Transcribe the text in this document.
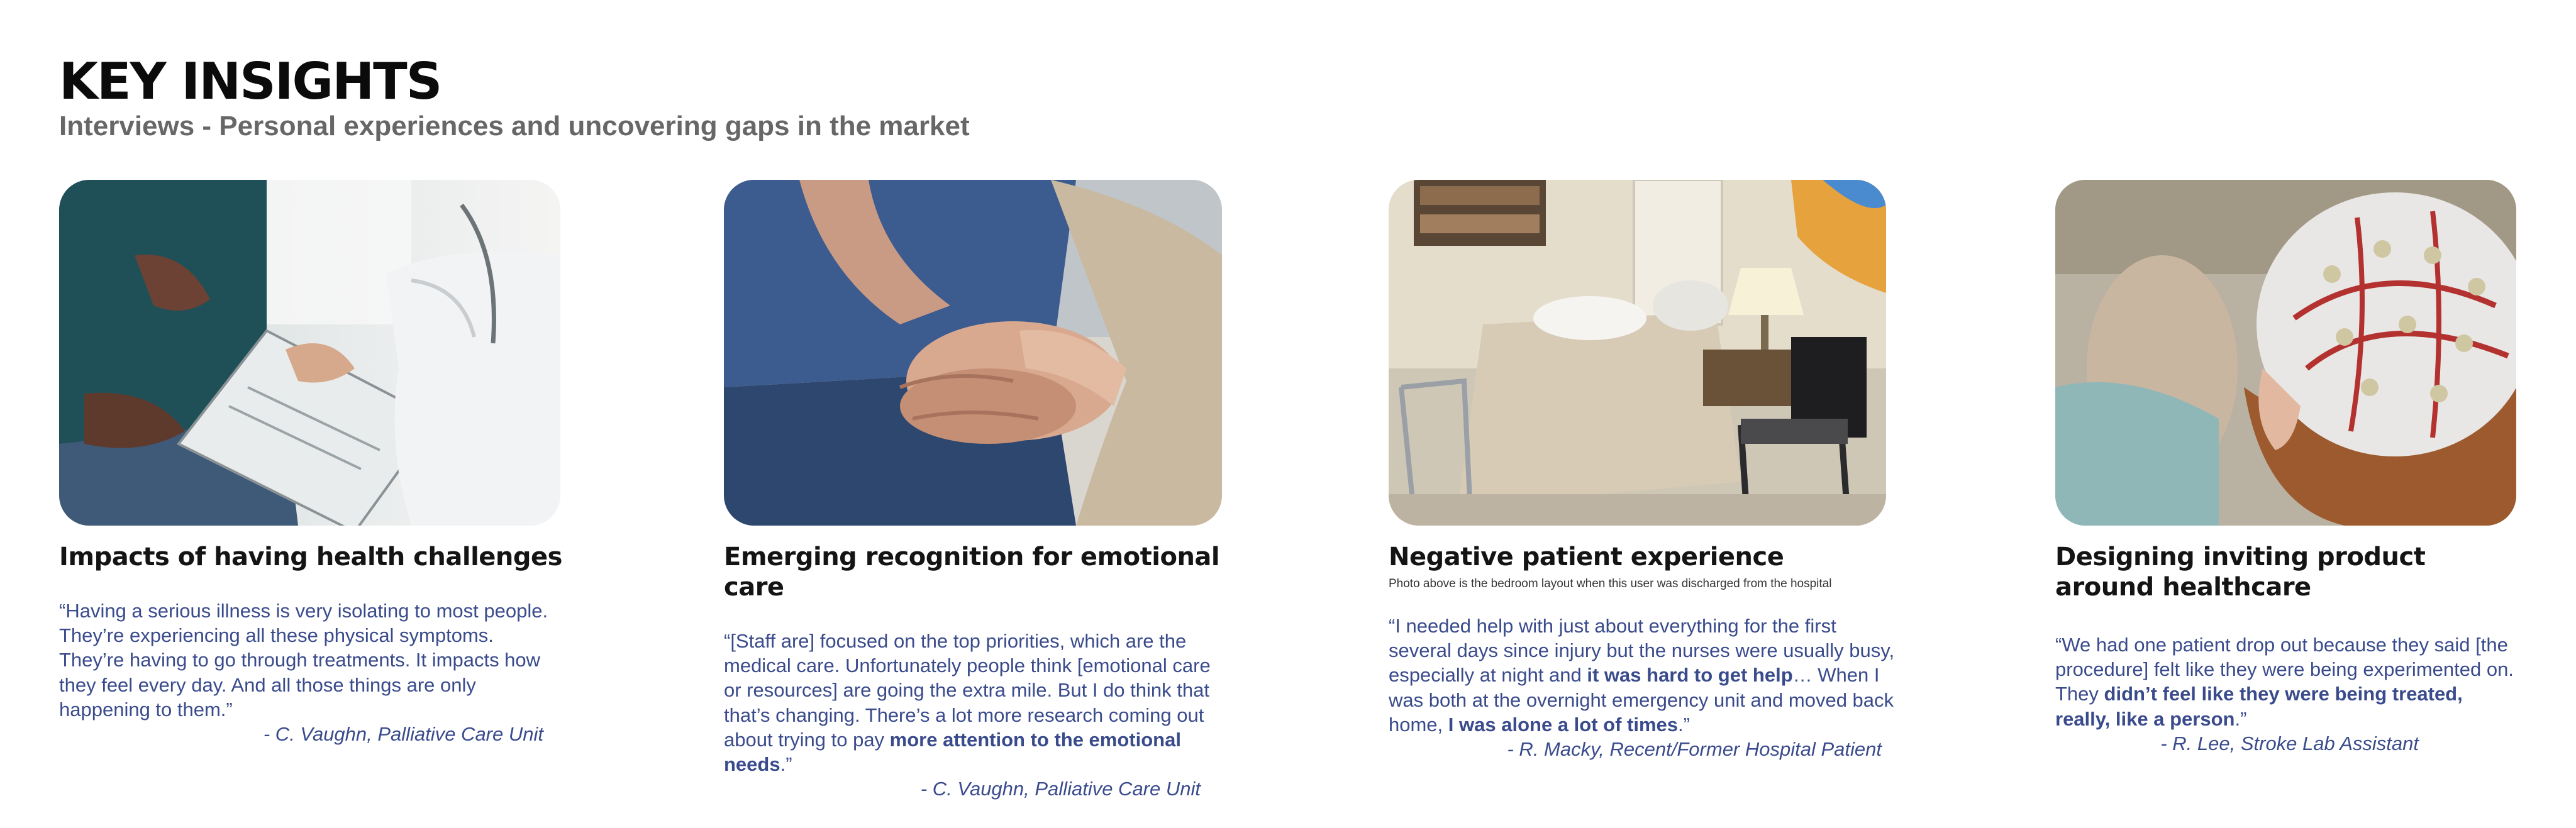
KEY INSIGHTS
Interviews - Personal experiences and uncovering gaps in the market
Impacts of having health challenges
“Having a serious illness is very isolating to most people. They’re experiencing all these physical symptoms. They’re having to go through treatments. It impacts how they feel every day. And all those things are only happening to them.”
- C. Vaughn, Palliative Care Unit
Emerging recognition for emotional care
“[Staff are] focused on the top priorities, which are the medical care. Unfortunately people think [emotional care or resources] are going the extra mile. But I do think that that’s changing. There’s a lot more research coming out about trying to pay more attention to the emotional needs.”
- C. Vaughn, Palliative Care Unit
Negative patient experience
Photo above is the bedroom layout when this user was discharged from the hospital
“I needed help with just about everything for the first several days since injury but the nurses were usually busy, especially at night and it was hard to get help… When I was both at the overnight emergency unit and moved back home, I was alone a lot of times.”
- R. Macky, Recent/Former Hospital Patient
Designing inviting product around healthcare
“We had one patient drop out because they said [the procedure] felt like they were being experimented on. They didn’t feel like they were being treated, really, like a person.”
- R. Lee, Stroke Lab Assistant
